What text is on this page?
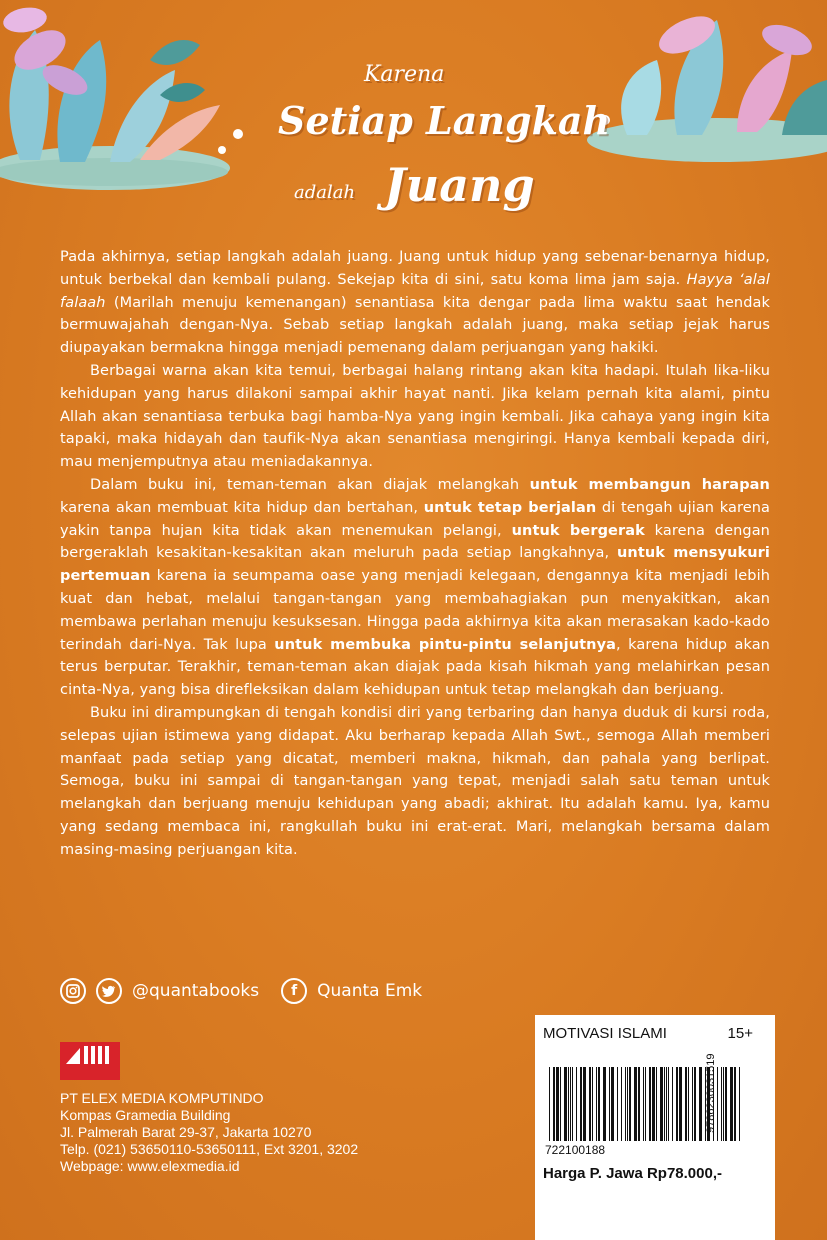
Karena
Setiap Langkah
adalah Juang

Pada akhirnya, setiap langkah adalah juang. Juang untuk hidup yang sebenar-benarnya hidup, untuk berbekal dan kembali pulang. Sekejap kita di sini, satu koma lima jam saja. Hayya ‘alal falaah (Marilah menuju kemenangan) senantiasa kita dengar pada lima waktu saat hendak bermuwajahah dengan-Nya. Sebab setiap langkah adalah juang, maka setiap jejak harus diupayakan bermakna hingga menjadi pemenang dalam perjuangan yang hakiki.

Berbagai warna akan kita temui, berbagai halang rintang akan kita hadapi. Itulah lika-liku kehidupan yang harus dilakoni sampai akhir hayat nanti. Jika kelam pernah kita alami, pintu Allah akan senantiasa terbuka bagi hamba-Nya yang ingin kembali. Jika cahaya yang ingin kita tapaki, maka hidayah dan taufik-Nya akan senantiasa mengiringi. Hanya kembali kepada diri, mau menjemputnya atau meniadakannya.

Dalam buku ini, teman-teman akan diajak melangkah untuk membangun harapan karena akan membuat kita hidup dan bertahan, untuk tetap berjalan di tengah ujian karena yakin tanpa hujan kita tidak akan menemukan pelangi, untuk bergerak karena dengan bergeraklah kesakitan-kesakitan akan meluruh pada setiap langkahnya, untuk mensyukuri pertemuan karena ia seumpama oase yang menjadi kelegaan, dengannya kita menjadi lebih kuat dan hebat, melalui tangan-tangan yang membahagiakan pun menyakitkan, akan membawa perlahan menuju kesuksesan. Hingga pada akhirnya kita akan merasakan kado-kado terindah dari-Nya. Tak lupa untuk membuka pintu-pintu selanjutnya, karena hidup akan terus berputar. Terakhir, teman-teman akan diajak pada kisah hikmah yang melahirkan pesan cinta-Nya, yang bisa direfleksikan dalam kehidupan untuk tetap melangkah dan berjuang.

Buku ini dirampungkan di tengah kondisi diri yang terbaring dan hanya duduk di kursi roda, selepas ujian istimewa yang didapat. Aku berharap kepada Allah Swt., semoga Allah memberi manfaat pada setiap yang dicatat, memberi makna, hikmah, dan pahala yang berlipat. Semoga, buku ini sampai di tangan-tangan yang tepat, menjadi salah satu teman untuk melangkah dan berjuang menuju kehidupan yang abadi; akhirat. Itu adalah kamu. Iya, kamu yang sedang membaca ini, rangkullah buku ini erat-erat. Mari, melangkah bersama dalam masing-masing perjuangan kita.

@quantabooks	f	Quanta Emk
PT ELEX MEDIA KOMPUTINDO
Kompas Gramedia Building
Jl. Palmerah Barat 29-37, Jakarta 10270
Telp. (021) 53650110-53650111, Ext 3201, 3202
Webpage: www.elexmedia.id
MOTIVASI ISLAMI	15+
722100188
9786230031519
Harga P. Jawa Rp78.000,-
